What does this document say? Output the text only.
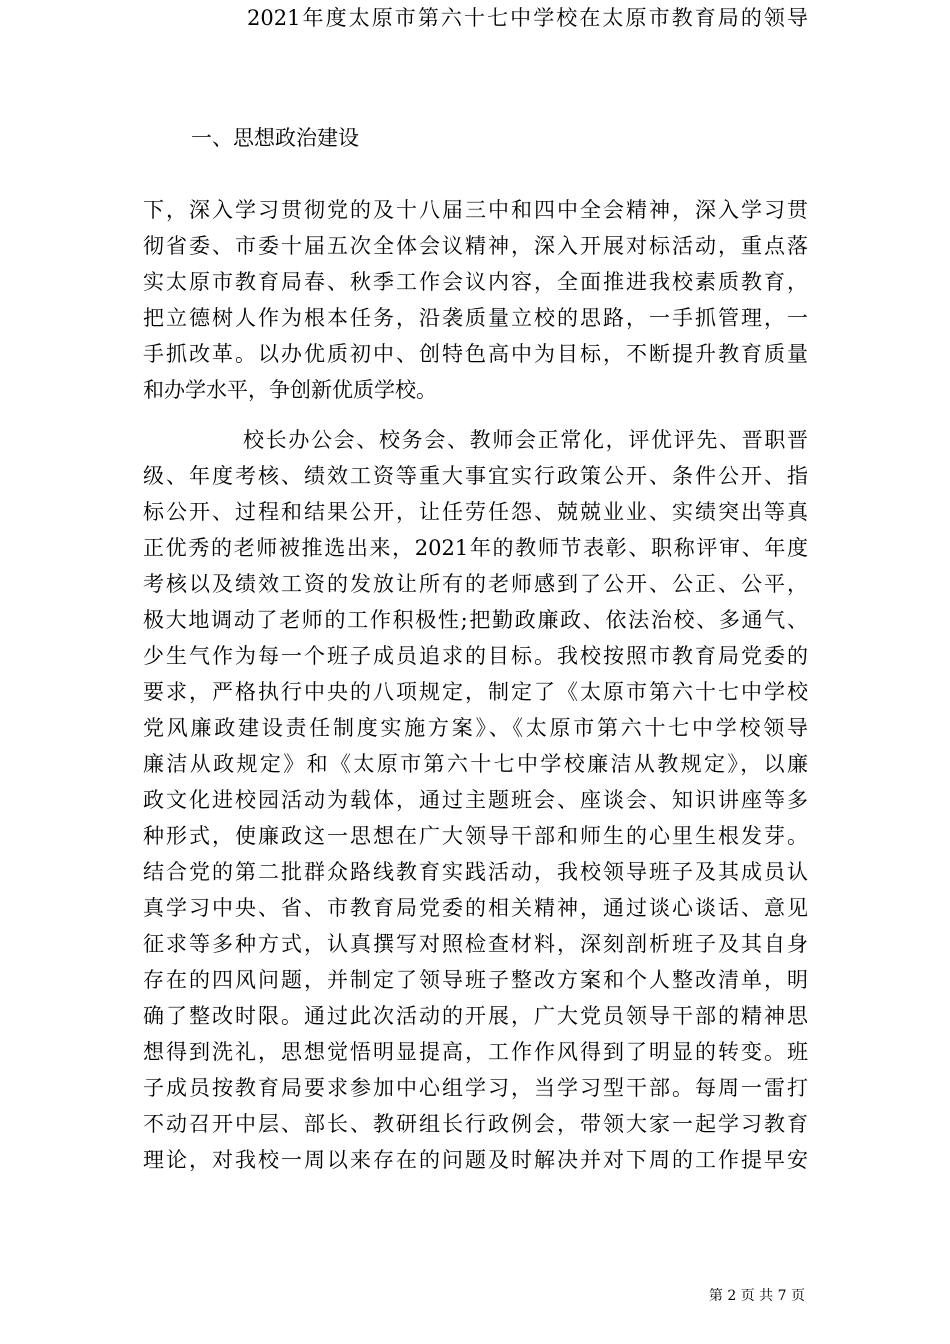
一、思想政治建设
2021年度太原市第六十七中学校在太原市教育局的领导
下，深入学习贯彻党的及十八届三中和四中全会精神，深入学习贯
彻省委、市委十届五次全体会议精神，深入开展对标活动，重点落
实太原市教育局春、秋季工作会议内容，全面推进我校素质教育，
把立德树人作为根本任务，沿袭质量立校的思路，一手抓管理，一
手抓改革。以办优质初中、创特色高中为目标，不断提升教育质量
和办学水平，争创新优质学校。
校长办公会、校务会、教师会正常化，评优评先、晋职晋
级、年度考核、绩效工资等重大事宜实行政策公开、条件公开、指
标公开、过程和结果公开，让任劳任怨、兢兢业业、实绩突出等真
正优秀的老师被推选出来，2021年的教师节表彰、职称评审、年度
考核以及绩效工资的发放让所有的老师感到了公开、公正、公平，
极大地调动了老师的工作积极性;把勤政廉政、依法治校、多通气、
少生气作为每一个班子成员追求的目标。我校按照市教育局党委的
要求，严格执行中央的八项规定，制定了《太原市第六十七中学校
党风廉政建设责任制度实施方案》、《太原市第六十七中学校领导
廉洁从政规定》和《太原市第六十七中学校廉洁从教规定》，以廉
政文化进校园活动为载体，通过主题班会、座谈会、知识讲座等多
种形式，使廉政这一思想在广大领导干部和师生的心里生根发芽。
结合党的第二批群众路线教育实践活动，我校领导班子及其成员认
真学习中央、省、市教育局党委的相关精神，通过谈心谈话、意见
征求等多种方式，认真撰写对照检查材料，深刻剖析班子及其自身
存在的四风问题，并制定了领导班子整改方案和个人整改清单，明
确了整改时限。通过此次活动的开展，广大党员领导干部的精神思
想得到洗礼，思想觉悟明显提高，工作作风得到了明显的转变。班
子成员按教育局要求参加中心组学习，当学习型干部。每周一雷打
不动召开中层、部长、教研组长行政例会，带领大家一起学习教育
理论，对我校一周以来存在的问题及时解决并对下周的工作提早安
第 2 页 共 7 页
